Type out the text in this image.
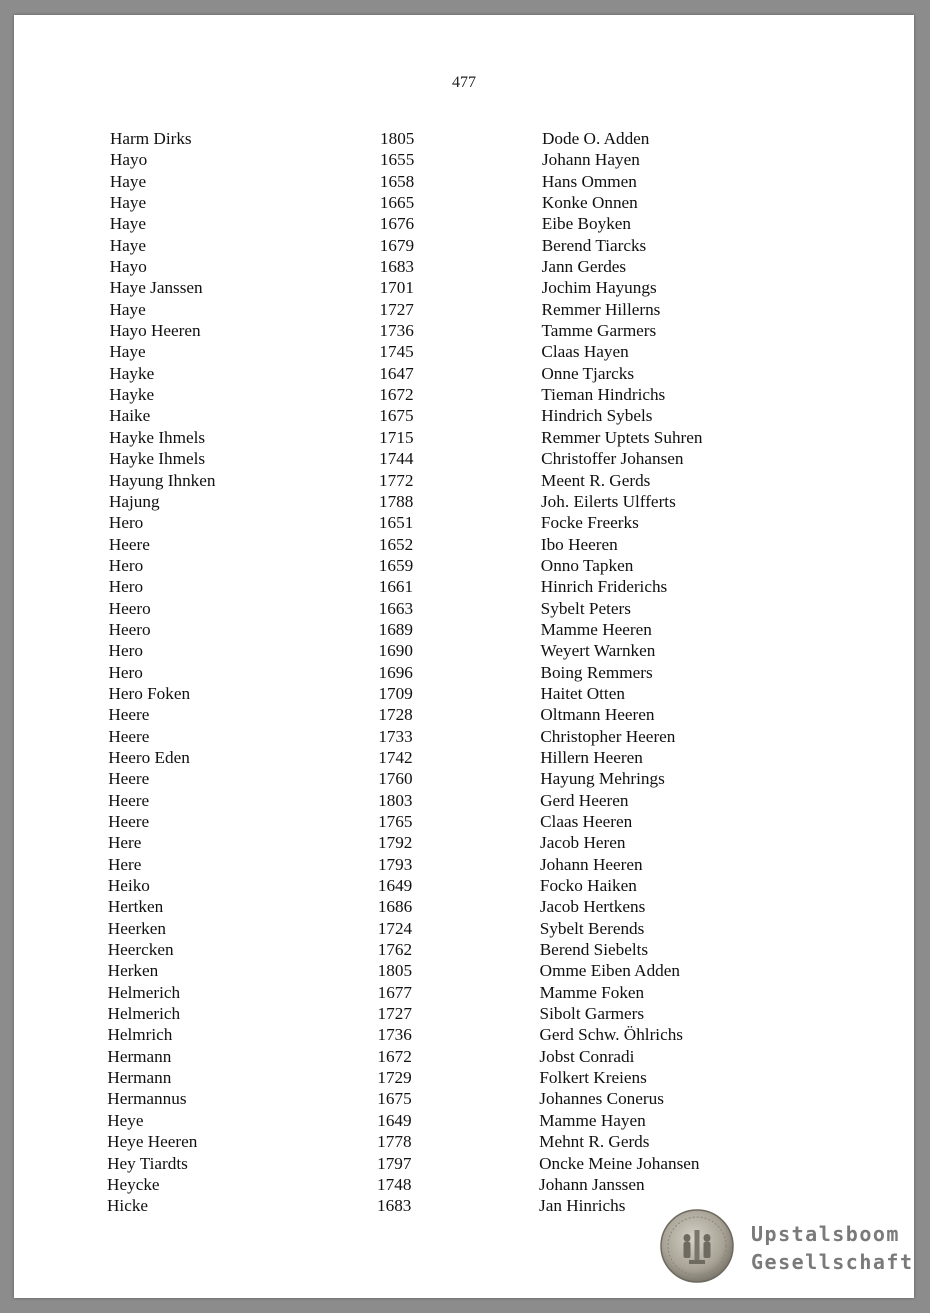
477
Harm Dirks	1805	Dode O. Adden
Hayo	1655	Johann Hayen
Haye	1658	Hans Ommen
Haye	1665	Konke Onnen
Haye	1676	Eibe Boyken
Haye	1679	Berend Tiarcks
Hayo	1683	Jann Gerdes
Haye Janssen	1701	Jochim Hayungs
Haye	1727	Remmer Hillerns
Hayo Heeren	1736	Tamme Garmers
Haye	1745	Claas Hayen
Hayke	1647	Onne Tjarcks
Hayke	1672	Tieman Hindrichs
Haike	1675	Hindrich Sybels
Hayke Ihmels	1715	Remmer Uptets Suhren
Hayke Ihmels	1744	Christoffer Johansen
Hayung Ihnken	1772	Meent R. Gerds
Hajung	1788	Joh. Eilerts Ulfferts
Hero	1651	Focke Freerks
Heere	1652	Ibo Heeren
Hero	1659	Onno Tapken
Hero	1661	Hinrich Friderichs
Heero	1663	Sybelt Peters
Heero	1689	Mamme Heeren
Hero	1690	Weyert Warnken
Hero	1696	Boing Remmers
Hero Foken	1709	Haitet Otten
Heere	1728	Oltmann Heeren
Heere	1733	Christopher Heeren
Heero Eden	1742	Hillern Heeren
Heere	1760	Hayung Mehrings
Heere	1803	Gerd Heeren
Heere	1765	Claas Heeren
Here	1792	Jacob Heren
Here	1793	Johann Heeren
Heiko	1649	Focko Haiken
Hertken	1686	Jacob Hertkens
Heerken	1724	Sybelt Berends
Heercken	1762	Berend Siebelts
Herken	1805	Omme Eiben Adden
Helmerich	1677	Mamme Foken
Helmerich	1727	Sibolt Garmers
Helmrich	1736	Gerd Schw. Öhlrichs
Hermann	1672	Jobst Conradi
Hermann	1729	Folkert Kreiens
Hermannus	1675	Johannes Conerus
Heye	1649	Mamme Hayen
Heye Heeren	1778	Mehnt R. Gerds
Hey Tiardts	1797	Oncke Meine Johansen
Heycke	1748	Johann Janssen
Hicke	1683	Jan Hinrichs
Upstalsboom
Gesellschaft
